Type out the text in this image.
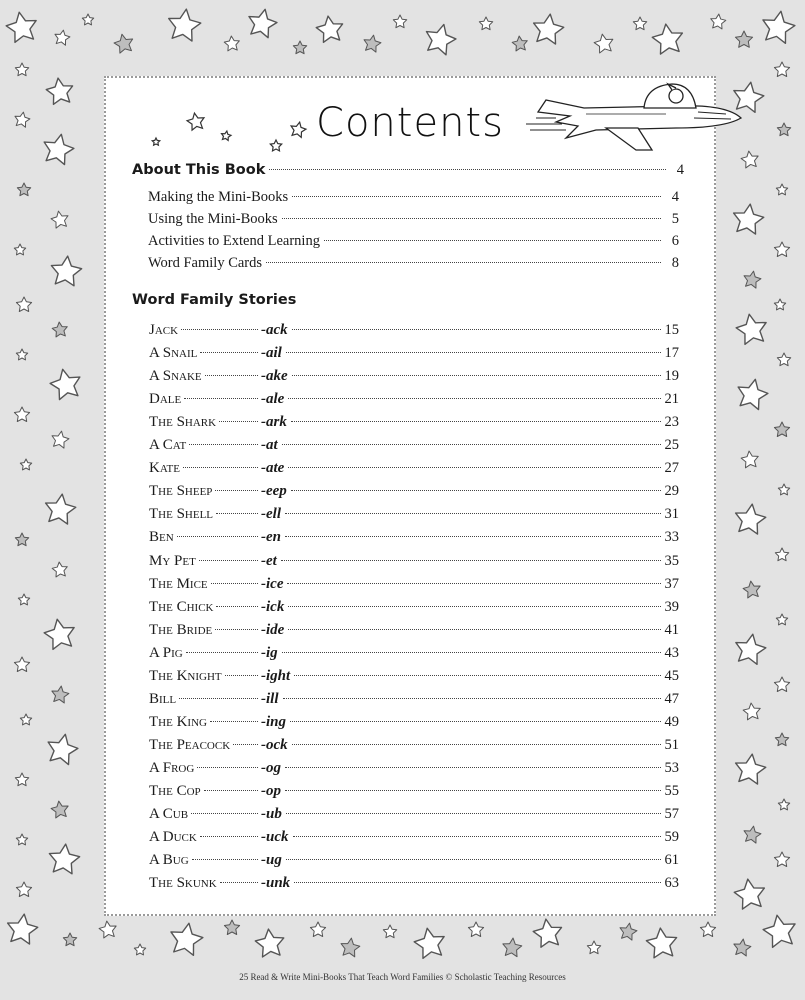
Contents
About This Book	4
Making the Mini-Books	4
Using the Mini-Books	5
Activities to Extend Learning	6
Word Family Cards	8
Word Family Stories
Jack	-ack	15
A Snail	-ail	17
A Snake	-ake	19
Dale	-ale	21
The Shark	-ark	23
A Cat	-at	25
Kate	-ate	27
The Sheep	-eep	29
The Shell	-ell	31
Ben	-en	33
My Pet	-et	35
The Mice	-ice	37
The Chick	-ick	39
The Bride	-ide	41
A Pig	-ig	43
The Knight	-ight	45
Bill	-ill	47
The King	-ing	49
The Peacock -ock	51
A Frog	-og	53
The Cop	-op	55
A Cub	-ub	57
A Duck	-uck	59
A Bug	-ug	61
The Skunk	-unk	63
25 Read & Write Mini-Books That Teach Word Families © Scholastic Teaching Resources
